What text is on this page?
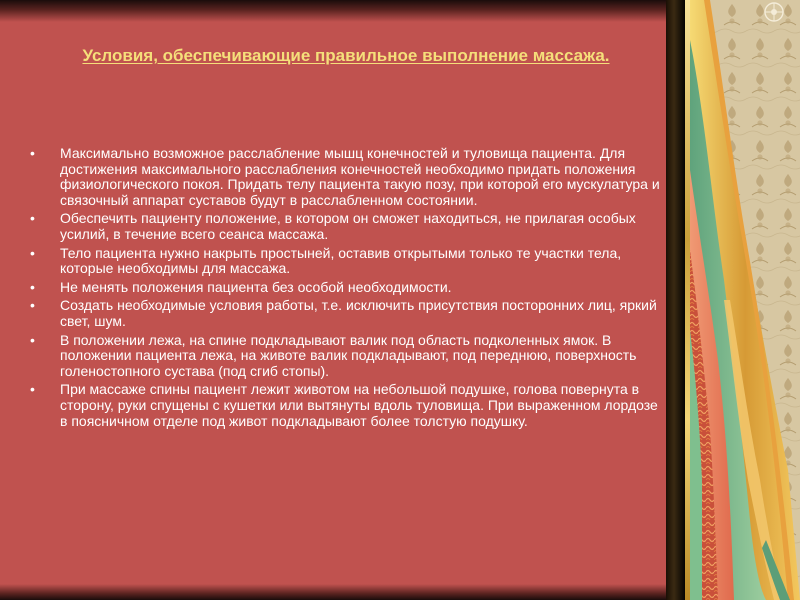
Условия, обеспечивающие правильное выполнение массажа.
•	Максимально возможное расслабление мышц конечностей и туловища пациента. Для достижения максимального расслабления конечностей необходимо придать положения физиологического покоя. Придать телу пациента такую позу, при которой его мускулатура и связочный аппарат суставов будут в расслабленном состоянии.
•	Обеспечить пациенту положение, в котором он сможет находиться, не прилагая особых усилий, в течение всего сеанса массажа.
•	Тело пациента нужно накрыть простыней, оставив открытыми только те участки тела, которые необходимы для массажа.
•	Не менять положения пациента без особой необходимости.
•	Создать необходимые условия работы, т.е. исключить присутствия посторонних лиц, яркий свет, шум.
•	В положении лежа, на спине подкладывают валик под область подколенных ямок. В положении пациента лежа, на животе валик подкладывают, под переднюю, поверхность голеностопного сустава (под сгиб стопы).
•	При массаже спины пациент лежит животом на небольшой подушке, голова повернута в сторону, руки спущены с кушетки или вытянуты вдоль туловища. При выраженном лордозе в поясничном отделе под живот подкладывают более толстую подушку.
